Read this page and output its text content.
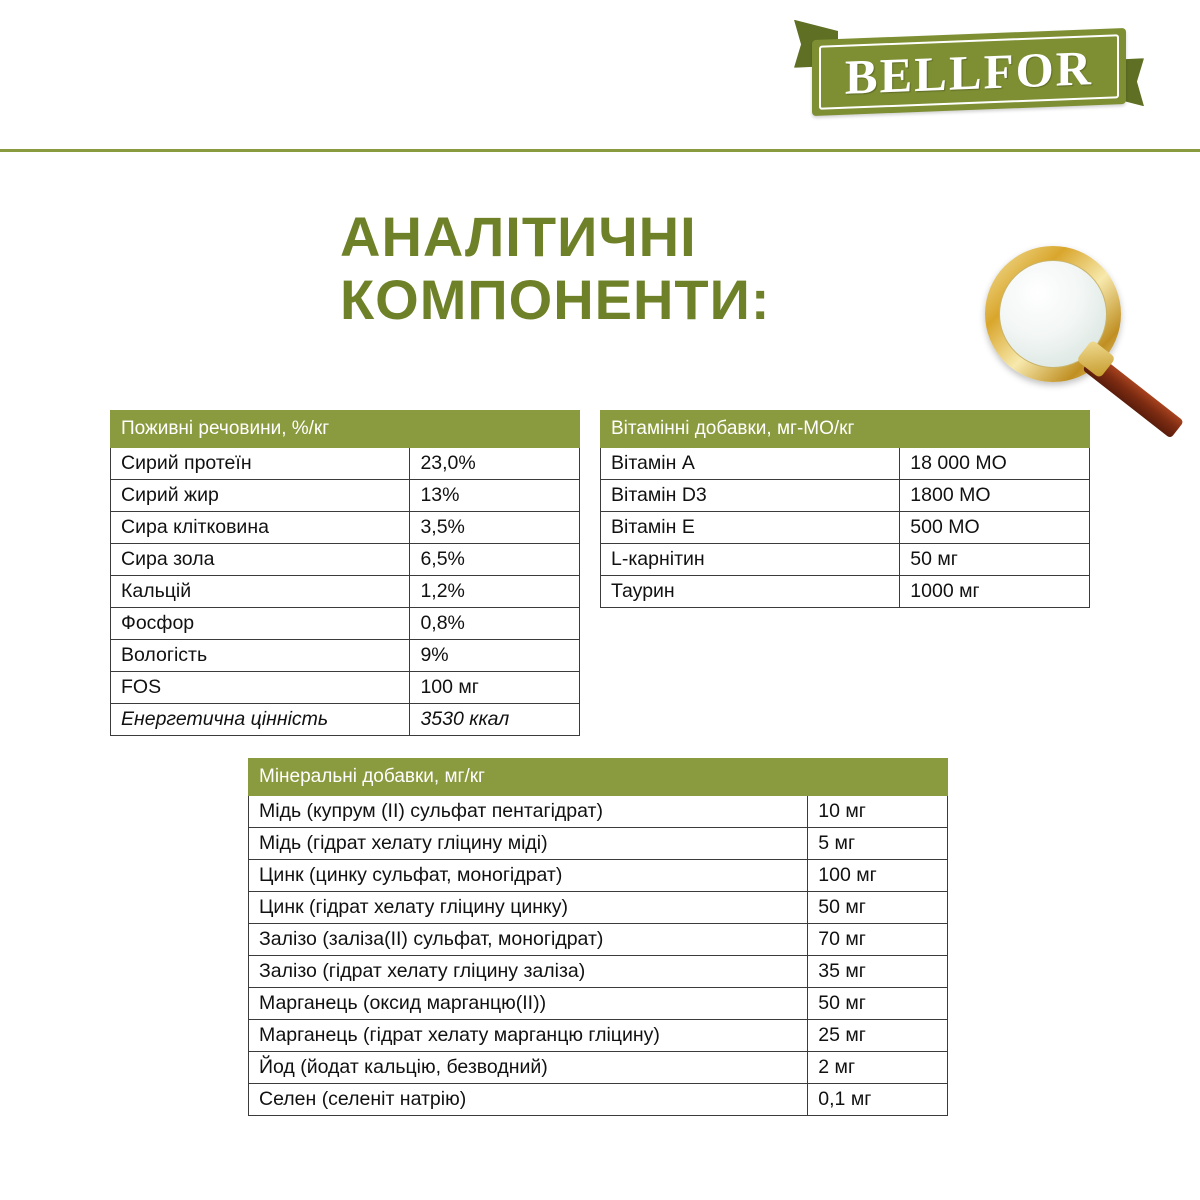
BELLFOR
АНАЛІТИЧНІ
КОМПОНЕНТИ:
Поживні речовини, %/кг	
Сирий протеїн	23,0%
Сирий жир	13%
Сира клітковина	3,5%
Сира зола	6,5%
Кальцій	1,2%
Фосфор	0,8%
Вологість	9%
FOS	100 мг
Енергетична цінність	3530 ккал
Вітамінні добавки, мг-МО/кг	
Вітамін A	18 000 МО
Вітамін D3	1800 МО
Вітамін E	500 МО
L-карнітин	50 мг
Таурин	1000 мг
Мінеральні добавки, мг/кг	
Мідь (купрум (II) сульфат пентагідрат)	10 мг
Мідь (гідрат хелату гліцину міді)	5 мг
Цинк (цинку сульфат, моногідрат)	100 мг
Цинк (гідрат хелату гліцину цинку)	50 мг
Залізо (заліза(II) сульфат, моногідрат)	70 мг
Залізо (гідрат хелату гліцину заліза)	35 мг
Марганець (оксид марганцю(II))	50 мг
Марганець (гідрат хелату марганцю гліцину)	25 мг
Йод (йодат кальцію, безводний)	2 мг
Селен (селеніт натрію)	0,1 мг
